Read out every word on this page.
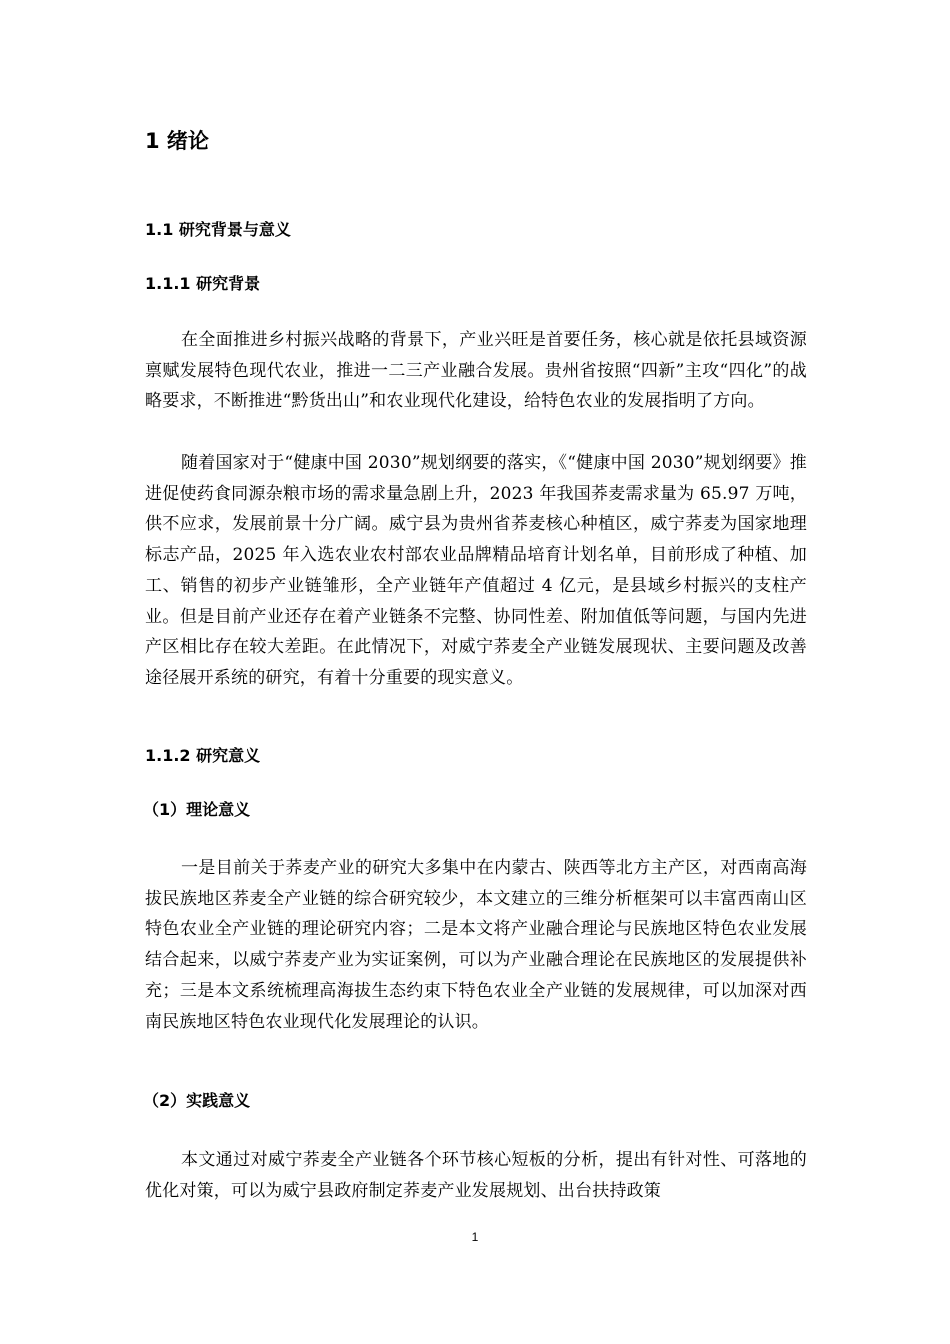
1 绪论
1.1 研究背景与意义
1.1.1 研究背景

在全面推进乡村振兴战略的背景下，产业兴旺是首要任务，核心就是依托县域资源禀赋发展特色现代农业，推进一二三产业融合发展。贵州省按照“四新”主攻“四化”的战略要求，不断推进“黔货出山”和农业现代化建设，给特色农业的发展指明了方向。

随着国家对于“健康中国 2030”规划纲要的落实，《“健康中国 2030”规划纲要》推进促使药食同源杂粮市场的需求量急剧上升，2023 年我国荞麦需求量为 65.97 万吨，供不应求，发展前景十分广阔。威宁县为贵州省荞麦核心种植区，威宁荞麦为国家地理标志产品，2025 年入选农业农村部农业品牌精品培育计划名单，目前形成了种植、加工、销售的初步产业链雏形，全产业链年产值超过 4 亿元，是县域乡村振兴的支柱产业。但是目前产业还存在着产业链条不完整、协同性差、附加值低等问题，与国内先进产区相比存在较大差距。在此情况下，对威宁荞麦全产业链发展现状、主要问题及改善途径展开系统的研究，有着十分重要的现实意义。

1.1.2 研究意义
（1）理论意义

一是目前关于荞麦产业的研究大多集中在内蒙古、陕西等北方主产区，对西南高海拔民族地区荞麦全产业链的综合研究较少，本文建立的三维分析框架可以丰富西南山区特色农业全产业链的理论研究内容；二是本文将产业融合理论与民族地区特色农业发展结合起来，以威宁荞麦产业为实证案例，可以为产业融合理论在民族地区的发展提供补充；三是本文系统梳理高海拔生态约束下特色农业全产业链的发展规律，可以加深对西南民族地区特色农业现代化发展理论的认识。

（2）实践意义

本文通过对威宁荞麦全产业链各个环节核心短板的分析，提出有针对性、可落地的优化对策，可以为威宁县政府制定荞麦产业发展规划、出台扶持政策

1
